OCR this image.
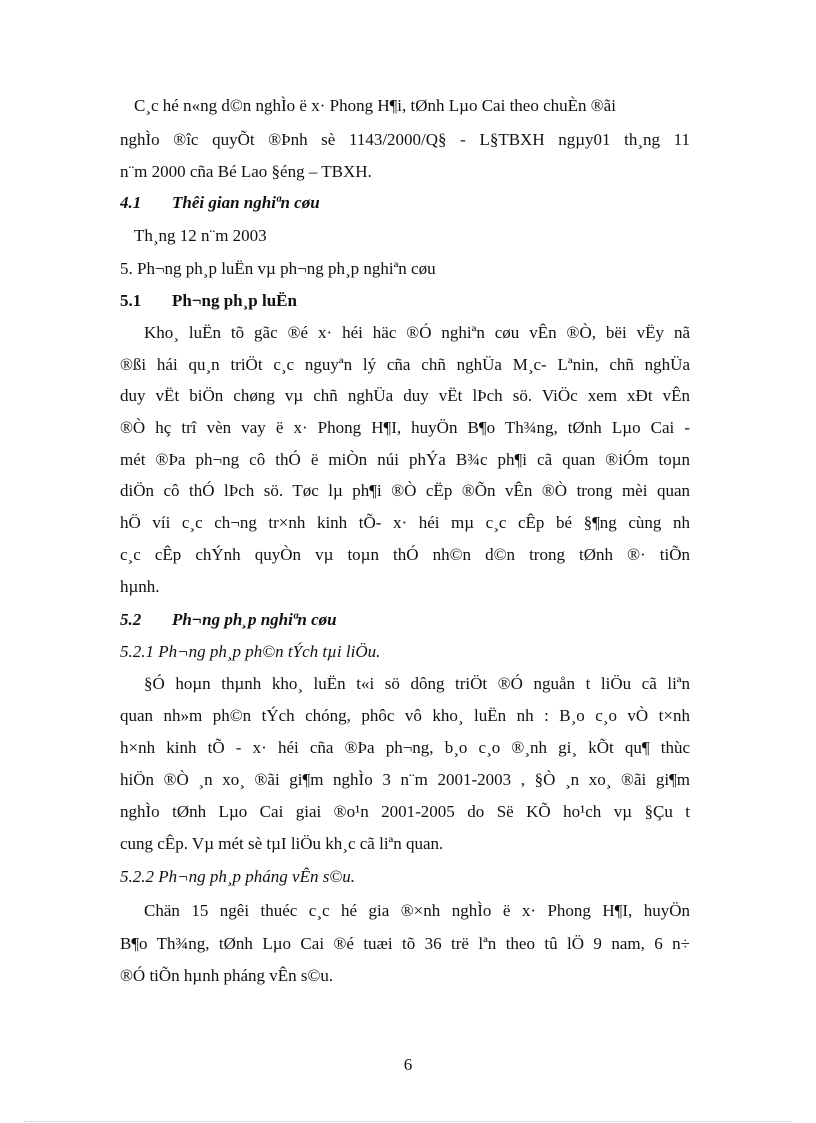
C¸c hé n«ng d©n nghÌo ë x· Phong H¶i, tØnh Lµo Cai theo chuÈn ®ãi
nghÌo ®îc quyÕt ®Þnh sè 1143/2000/Q§ - L§TBXH ngµy01 th¸ng 11
n¨m 2000 cña Bé Lao §éng – TBXH.
4.1 Thêi gian nghiªn cøu
Th¸ng 12 n¨m 2003
5. Ph¬ng ph¸p luËn vµ ph¬ng ph¸p nghiªn cøu
5.1 Ph¬ng ph¸p luËn
Kho¸ luËn tõ gãc ®é x· héi häc ®Ó nghiªn cøu vÊn ®Ò, bëi vËy nã
®ßi hái qu¸n triÖt c¸c nguyªn lý cña chñ nghÜa M¸c- Lªnin, chñ nghÜa
duy vËt biÖn chøng vµ chñ nghÜa duy vËt lÞch sö. ViÖc xem xÐt vÊn
®Ò hç trî vèn vay ë x· Phong H¶I, huyÖn B¶o Th¾ng, tØnh Lµo Cai -
mét ®Þa ph¬ng cô thÓ ë miÒn núi phÝa B¾c ph¶i cã quan ®iÓm toµn
diÖn cô thÓ lÞch sö. Tøc lµ ph¶i ®Ò cËp ®Õn vÊn ®Ò trong mèi quan
hÖ víi c¸c ch¬ng tr×nh kinh tÕ- x· héi mµ c¸c cÊp bé §¶ng cùng nh
c¸c cÊp chÝnh quyÒn vµ toµn thÓ nh©n d©n trong tØnh ®· tiÕn
hµnh.
5.2 Ph¬ng ph¸p nghiªn cøu
5.2.1 Ph¬ng ph¸p ph©n tÝch tµi liÖu.
§Ó hoµn thµnh kho¸ luËn t«i sö dông triÖt ®Ó nguån t liÖu cã liªn
quan nh»m ph©n tÝch chóng, phôc vô kho¸ luËn nh : B¸o c¸o vÒ t×nh
h×nh kinh tÕ - x· héi cña ®Þa ph¬ng, b¸o c¸o ®¸nh gi¸ kÕt qu¶ thùc
hiÖn ®Ò ¸n xo¸ ®ãi gi¶m nghÌo 3 n¨m 2001-2003 , §Ò ¸n xo¸ ®ãi gi¶m
nghÌo tØnh Lµo Cai giai ®o¹n 2001-2005 do Së KÕ ho¹ch vµ §Çu t
cung cÊp. Vµ mét sè tµI liÖu kh¸c cã liªn quan.
5.2.2 Ph¬ng ph¸p pháng vÊn s©u.
Chän 15 ngêi thuéc c¸c hé gia ®×nh nghÌo ë x· Phong H¶I, huyÖn
B¶o Th¾ng, tØnh Lµo Cai ®é tuæi tõ 36 trë lªn theo tû lÖ 9 nam, 6 n÷
®Ó tiÕn hµnh pháng vÊn s©u.
6
